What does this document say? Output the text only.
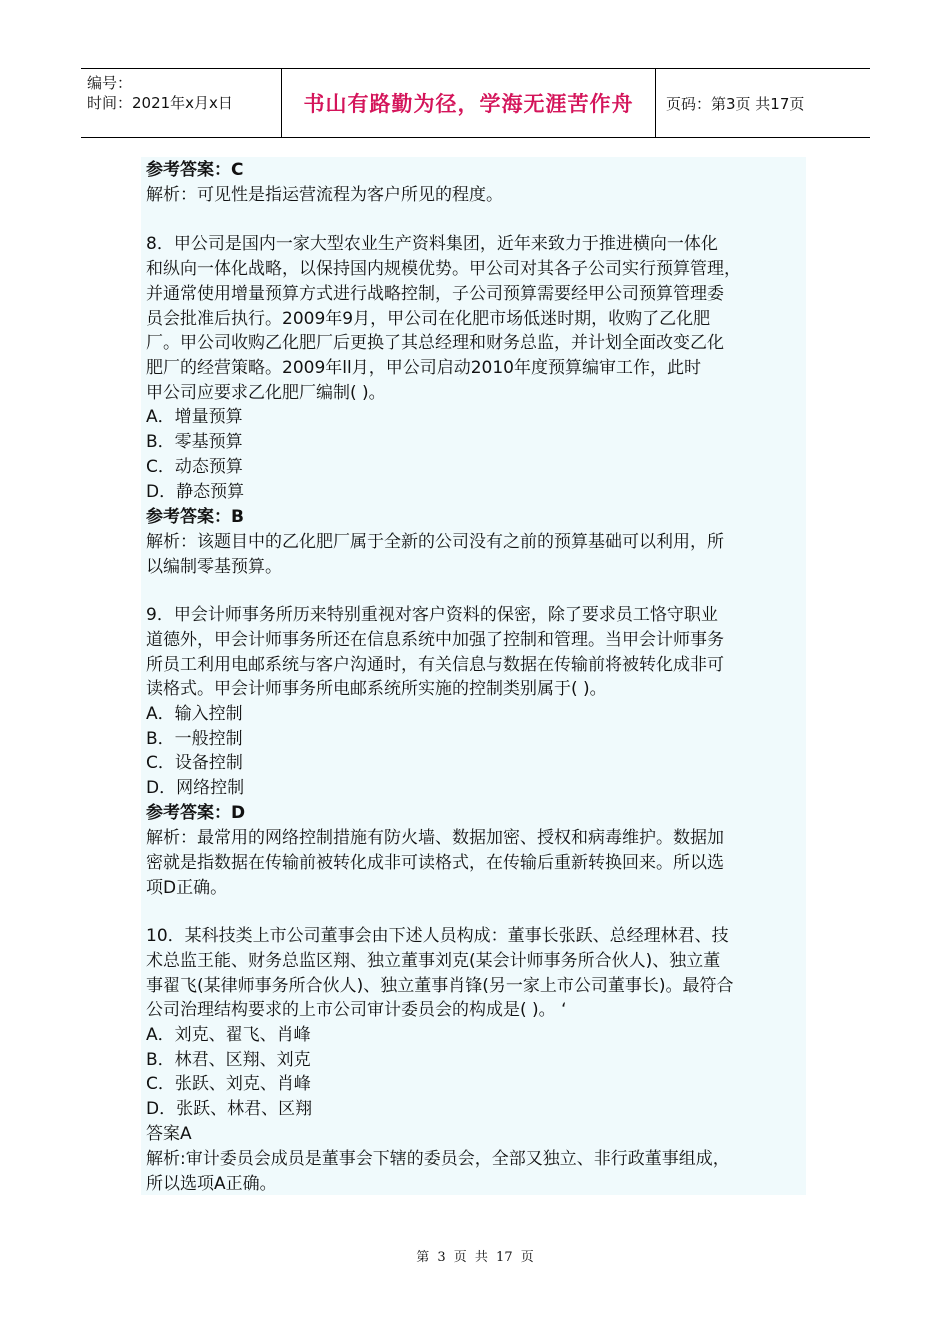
编号：
时间：2021年x月x日	书山有路勤为径，学海无涯苦作舟	页码：第3页 共17页
参考答案：C
解析：可见性是指运营流程为客户所见的程度。
8．甲公司是国内一家大型农业生产资料集团，近年来致力于推进横向一体化
和纵向一体化战略，以保持国内规模优势。甲公司对其各子公司实行预算管理，
并通常使用增量预算方式进行战略控制，子公司预算需要经甲公司预算管理委
员会批准后执行。2009年9月，甲公司在化肥市场低迷时期，收购了乙化肥
厂。甲公司收购乙化肥厂后更换了其总经理和财务总监，并计划全面改变乙化
肥厂的经营策略。2009年ll月，甲公司启动2010年度预算编审工作，此时
甲公司应要求乙化肥厂编制( )。
A．增量预算
B．零基预算
C．动态预算
D．静态预算
参考答案：B
解析：该题目中的乙化肥厂属于全新的公司没有之前的预算基础可以利用，所
以编制零基预算。
9．甲会计师事务所历来特别重视对客户资料的保密，除了要求员工恪守职业
道德外，甲会计师事务所还在信息系统中加强了控制和管理。当甲会计师事务
所员工利用电邮系统与客户沟通时，有关信息与数据在传输前将被转化成非可
读格式。甲会计师事务所电邮系统所实施的控制类别属于( )。
A．输入控制
B．一般控制
C．设备控制
D．网络控制
参考答案：D
解析：最常用的网络控制措施有防火墙、数据加密、授权和病毒维护。数据加
密就是指数据在传输前被转化成非可读格式，在传输后重新转换回来。所以选
项D正确。
10．某科技类上市公司董事会由下述人员构成：董事长张跃、总经理林君、技
术总监王能、财务总监区翔、独立董事刘克(某会计师事务所合伙人)、独立董
事翟飞(某律师事务所合伙人)、独立董事肖锋(另一家上市公司董事长)。最符合
公司治理结构要求的上市公司审计委员会的构成是( )。 ‘
A．刘克、翟飞、肖峰
B．林君、区翔、刘克
C．张跃、刘克、肖峰
D．张跃、林君、区翔
答案A
解析:审计委员会成员是董事会下辖的委员会，全部又独立、非行政董事组成，
所以选项A正确。
第 3 页 共 17 页
